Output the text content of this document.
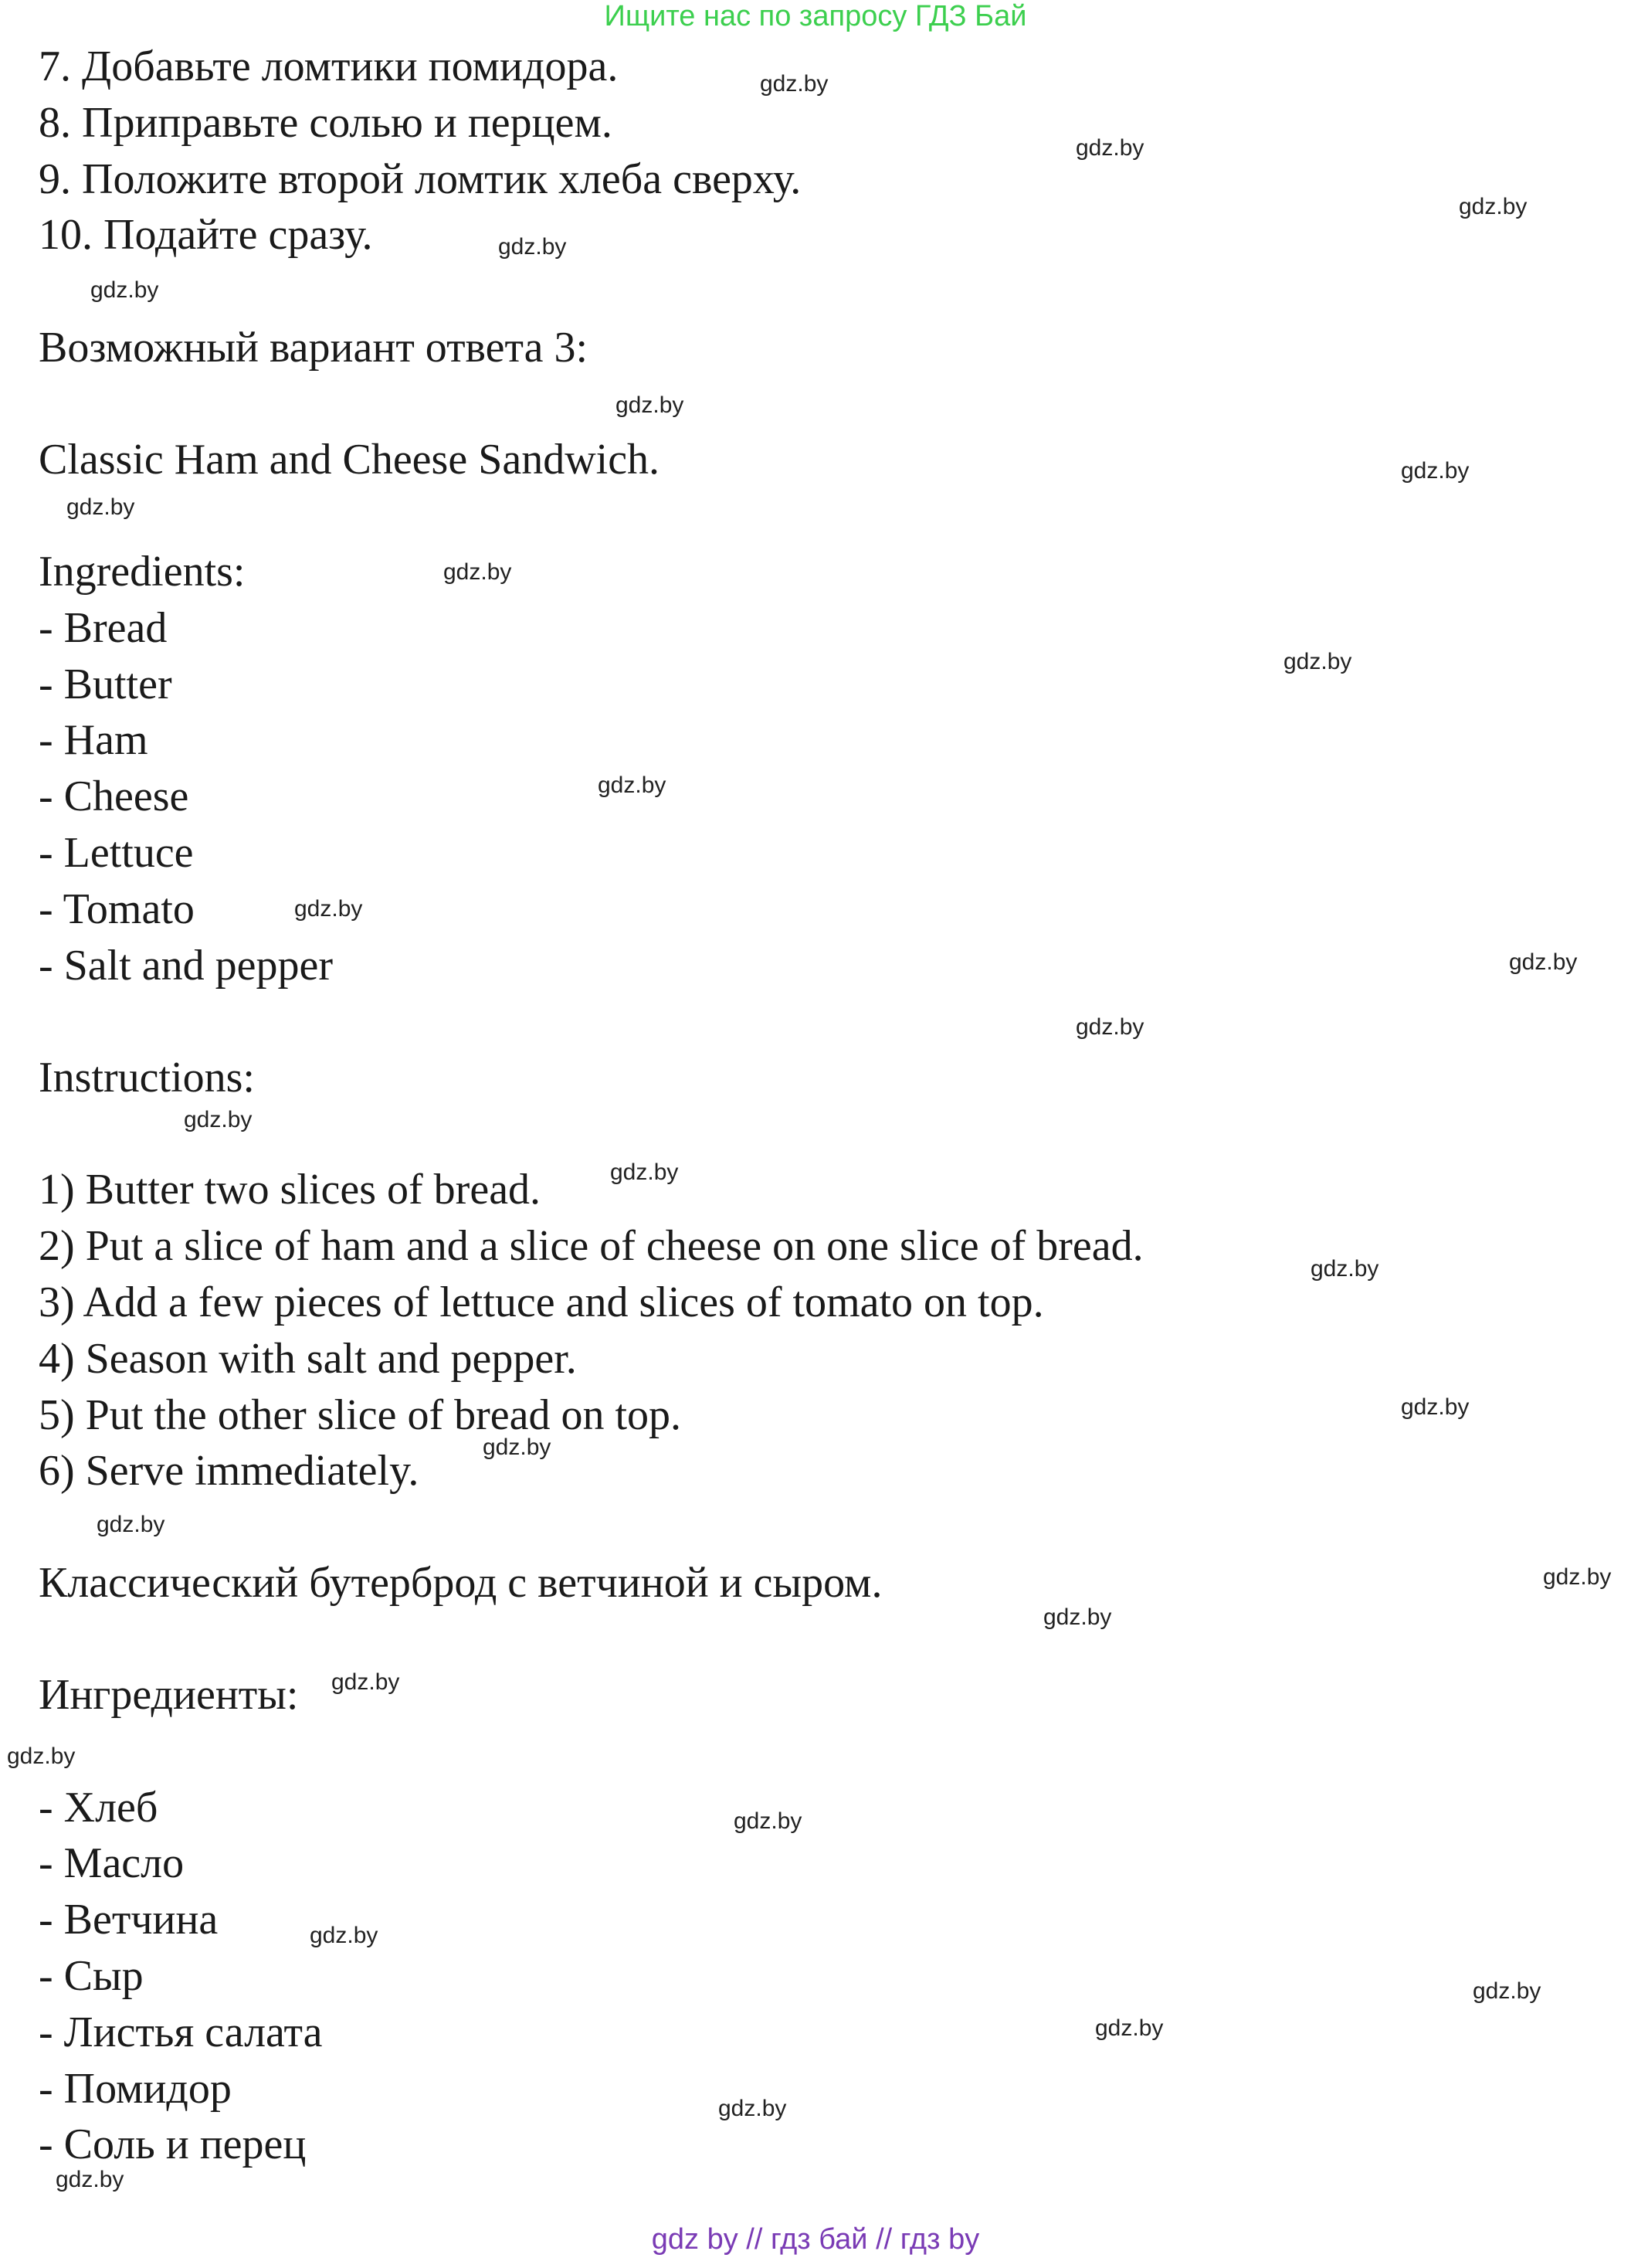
Ищите нас по запросу ГДЗ Бай
7. Добавьте ломтики помидора.
8. Приправьте солью и перцем.
9. Положите второй ломтик хлеба сверху.
10. Подайте сразу.
Возможный вариант ответа 3:
Classic Ham and Cheese Sandwich.
Ingredients:
- Bread
- Butter
- Ham
- Cheese
- Lettuce
- Tomato
- Salt and pepper
Instructions:
1) Butter two slices of bread.
2) Put a slice of ham and a slice of cheese on one slice of bread.
3) Add a few pieces of lettuce and slices of tomato on top.
4) Season with salt and pepper.
5) Put the other slice of bread on top.
6) Serve immediately.
Классический бутерброд с ветчиной и сыром.
Ингредиенты:
- Хлеб
- Масло
- Ветчина
- Сыр
- Листья салата
- Помидор
- Соль и перец
gdz.by
gdz.by
gdz.by
gdz.by
gdz.by
gdz.by
gdz.by
gdz.by
gdz.by
gdz.by
gdz.by
gdz.by
gdz.by
gdz.by
gdz.by
gdz.by
gdz.by
gdz.by
gdz.by
gdz.by
gdz.by
gdz.by
gdz.by
gdz.by
gdz.by
gdz.by
gdz.by
gdz.by
gdz.by
gdz.by
gdz by // гдз бай // гдз by
